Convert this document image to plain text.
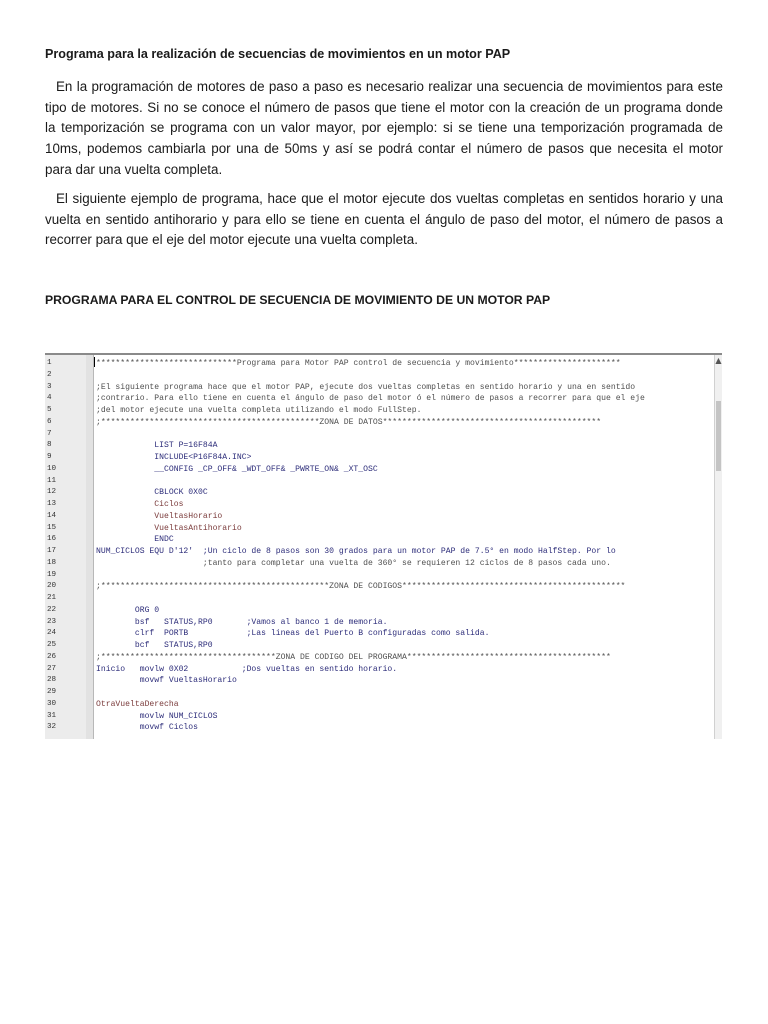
Programa para la realización de secuencias de movimientos en un motor PAP
En la programación de motores de paso a paso es necesario realizar una secuencia de movimientos para este
tipo de motores. Si no se conoce el número de pasos que tiene el motor con la creación de un programa donde
la temporización se programa con un valor mayor, por ejemplo: si se tiene una temporización programada de
10ms, podemos cambiarla por una de 50ms y así se podrá contar el número de pasos que necesita el motor
para dar una vuelta completa.
El siguiente ejemplo de programa, hace que el motor ejecute dos vueltas completas en sentidos horario y una
vuelta en sentido antihorario y para ello se tiene en cuenta el ángulo de paso del motor, el número de pasos a
recorrer para que el eje del motor ejecute una vuelta completa.
PROGRAMA PARA EL CONTROL DE SECUENCIA DE MOVIMIENTO DE UN MOTOR PAP
1	*****************************Programa para Motor PAP control de secuencia y movimiento**********************
2
3	;El siguiente programa hace que el motor PAP, ejecute dos vueltas completas en sentido horario y una en sentido
4	;contrario. Para ello tiene en cuenta el ángulo de paso del motor ó el número de pasos a recorrer para que el eje
5	;del motor ejecute una vuelta completa utilizando el modo FullStep.
6	;*********************************************ZONA DE DATOS*********************************************
7
8	LIST P=16F84A
9	INCLUDE<P16F84A.INC>
10	__CONFIG _CP_OFF& _WDT_OFF& _PWRTE_ON& _XT_OSC
11
12	CBLOCK 0X0C
13	Ciclos
14	VueltasHorario
15	VueltasAntihorario
16	ENDC
17	NUM_CICLOS EQU D'12'  ;Un ciclo de 8 pasos son 30 grados para un motor PAP de 7.5° en modo HalfStep. Por lo
18	;tanto para completar una vuelta de 360° se requieren 12 ciclos de 8 pasos cada uno.
19
20	;***********************************************ZONA DE CODIGOS**********************************************
21
22	ORG 0
23	bsf   STATUS,RP0       ;Vamos al banco 1 de memoria.
24	clrf  PORTB            ;Las lineas del Puerto B configuradas como salida.
25	bcf   STATUS,RP0
26	;************************************ZONA DE CODIGO DEL PROGRAMA******************************************
27	Inicio   movlw 0X02           ;Dos vueltas en sentido horario.
28	movwf VueltasHorario
29
30	OtraVueltaDerecha
31	movlw NUM_CICLOS
32	movwf Ciclos
▲
